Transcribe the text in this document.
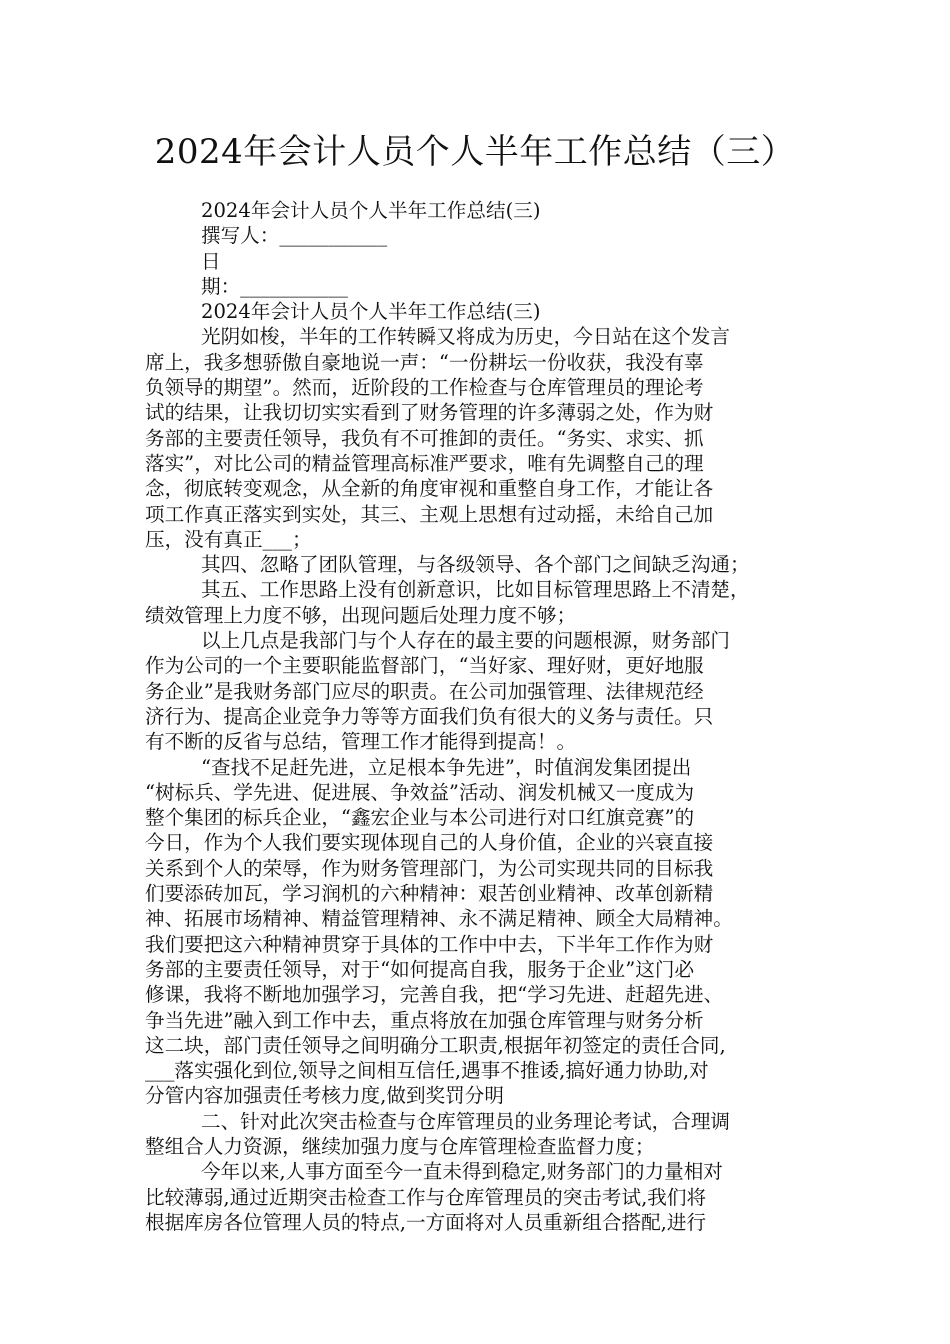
2024年会计人员个人半年工作总结（三）
2024年会计人员个人半年工作总结(三)
撰写人：___________
日
期：___________
2024年会计人员个人半年工作总结(三)
光阴如梭，半年的工作转瞬又将成为历史，今日站在这个发言
席上，我多想骄傲自豪地说一声：“一份耕坛一份收获，我没有辜
负领导的期望”。然而，近阶段的工作检查与仓库管理员的理论考
试的结果，让我切切实实看到了财务管理的许多薄弱之处，作为财
务部的主要责任领导，我负有不可推卸的责任。“务实、求实、抓
落实”，对比公司的精益管理高标准严要求，唯有先调整自己的理
念，彻底转变观念，从全新的角度审视和重整自身工作，才能让各
项工作真正落实到实处，其三、主观上思想有过动摇，未给自己加
压，没有真正___；
其四、忽略了团队管理，与各级领导、各个部门之间缺乏沟通；
其五、工作思路上没有创新意识，比如目标管理思路上不清楚，
绩效管理上力度不够，出现问题后处理力度不够；
以上几点是我部门与个人存在的最主要的问题根源，财务部门
作为公司的一个主要职能监督部门，“当好家、理好财，更好地服
务企业”是我财务部门应尽的职责。在公司加强管理、法律规范经
济行为、提高企业竞争力等等方面我们负有很大的义务与责任。只
有不断的反省与总结，管理工作才能得到提高！。
“查找不足赶先进，立足根本争先进”，时值润发集团提出
“树标兵、学先进、促进展、争效益”活动、润发机械又一度成为
整个集团的标兵企业，“鑫宏企业与本公司进行对口红旗竞赛”的
今日，作为个人我们要实现体现自己的人身价值，企业的兴衰直接
关系到个人的荣辱，作为财务管理部门，为公司实现共同的目标我
们要添砖加瓦，学习润机的六种精神：艰苦创业精神、改革创新精
神、拓展市场精神、精益管理精神、永不满足精神、顾全大局精神。
我们要把这六种精神贯穿于具体的工作中中去，下半年工作作为财
务部的主要责任领导，对于“如何提高自我，服务于企业”这门必
修课，我将不断地加强学习，完善自我，把“学习先进、赶超先进、
争当先进”融入到工作中去，重点将放在加强仓库管理与财务分析
这二块，部门责任领导之间明确分工职责,根据年初签定的责任合同,
___落实强化到位,领导之间相互信任,遇事不推诿,搞好通力协助,对
分管内容加强责任考核力度,做到奖罚分明
二、针对此次突击检查与仓库管理员的业务理论考试，合理调
整组合人力资源，继续加强力度与仓库管理检查监督力度；
今年以来,人事方面至今一直未得到稳定,财务部门的力量相对
比较薄弱,通过近期突击检查工作与仓库管理员的突击考试,我们将
根据库房各位管理人员的特点,一方面将对人员重新组合搭配,进行
